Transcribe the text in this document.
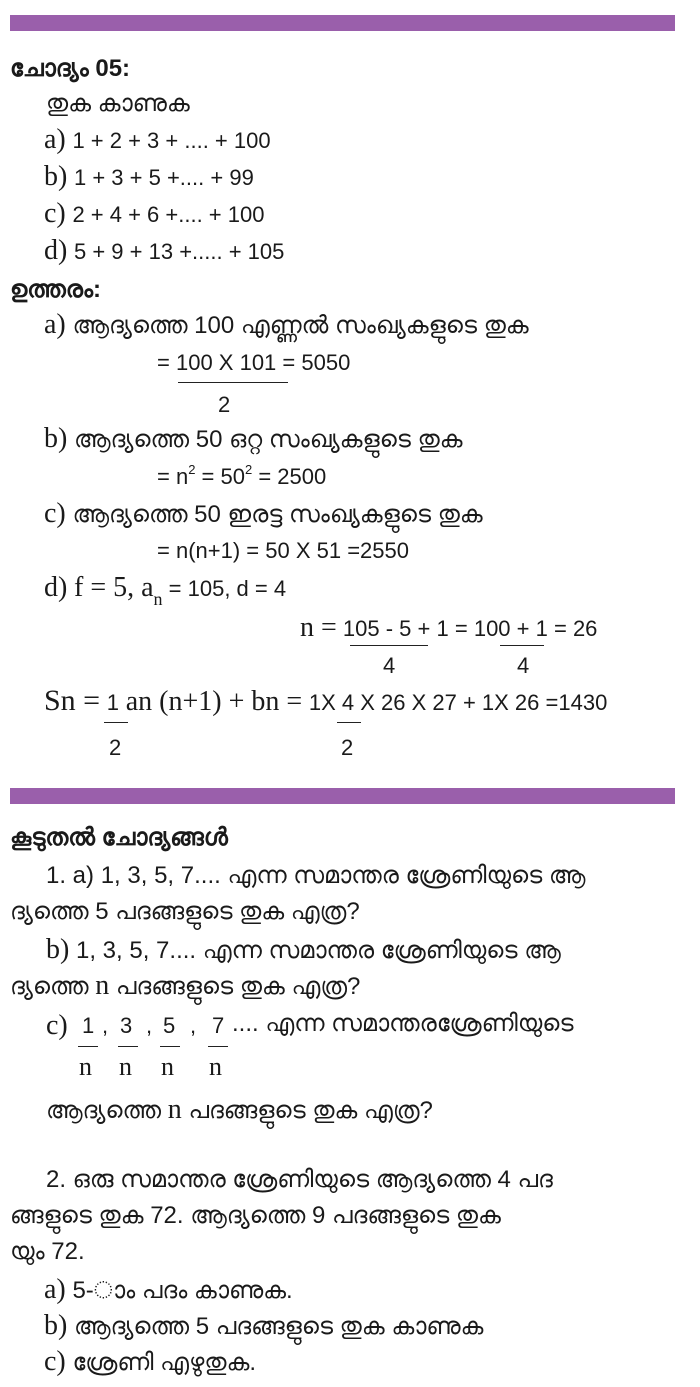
ചോദ്യം 05:
തുക കാണുക
a) 1 + 2 + 3 + .... + 100
b) 1 + 3 + 5 +.... + 99
c) 2 + 4 + 6 +.... + 100
d) 5 + 9 + 13 +..... + 105
ഉത്തരം:
a) ആദ്യത്തെ 100 എണ്ണൽ സംഖ്യകളുടെ തുക
= 100 X 101 = 5050
2
b) ആദ്യത്തെ 50 ഒറ്റ സംഖ്യകളുടെ തുക
= $n^2 = 50^2 = 2500$
c) ആദ്യത്തെ 50 ഇരട്ട സംഖ്യകളുടെ തുക
= n(n+1) = 50 X 51 =2550
d) f = 5, $a_n = 105$, d = 4
n = 105 - 5 + 1 = 100 + 1 = 26
4	4
Sn = 1 an (n+1) + bn = 1X 4 X 26 X 27 + 1X 26 =1430
2	2
കൂടുതൽ ചോദ്യങ്ങൾ
1. a) 1, 3, 5, 7.... എന്ന സമാന്തര ശ്രേണിയുടെ ആ
ദ്യത്തെ 5 പദങ്ങളുടെ തുക എത്ര?
b) 1, 3, 5, 7.... എന്ന സമാന്തര ശ്രേണിയുടെ ആ
ദ്യത്തെ n പദങ്ങളുടെ തുക എത്ര?
c) 1 , 3 , 5 , 7 .... എന്ന സമാന്തരശ്രേണിയുടെ
n n n n
ആദ്യത്തെ n പദങ്ങളുടെ തുക എത്ര?
2. ഒരു സമാന്തര ശ്രേണിയുടെ ആദ്യത്തെ 4 പദ
ങ്ങളുടെ തുക 72. ആദ്യത്തെ 9 പദങ്ങളുടെ തുക
യും 72.
a) 5-ാം പദം കാണുക.
b) ആദ്യത്തെ 5 പദങ്ങളുടെ തുക കാണുക
c) ശ്രേണി എഴുതുക.
